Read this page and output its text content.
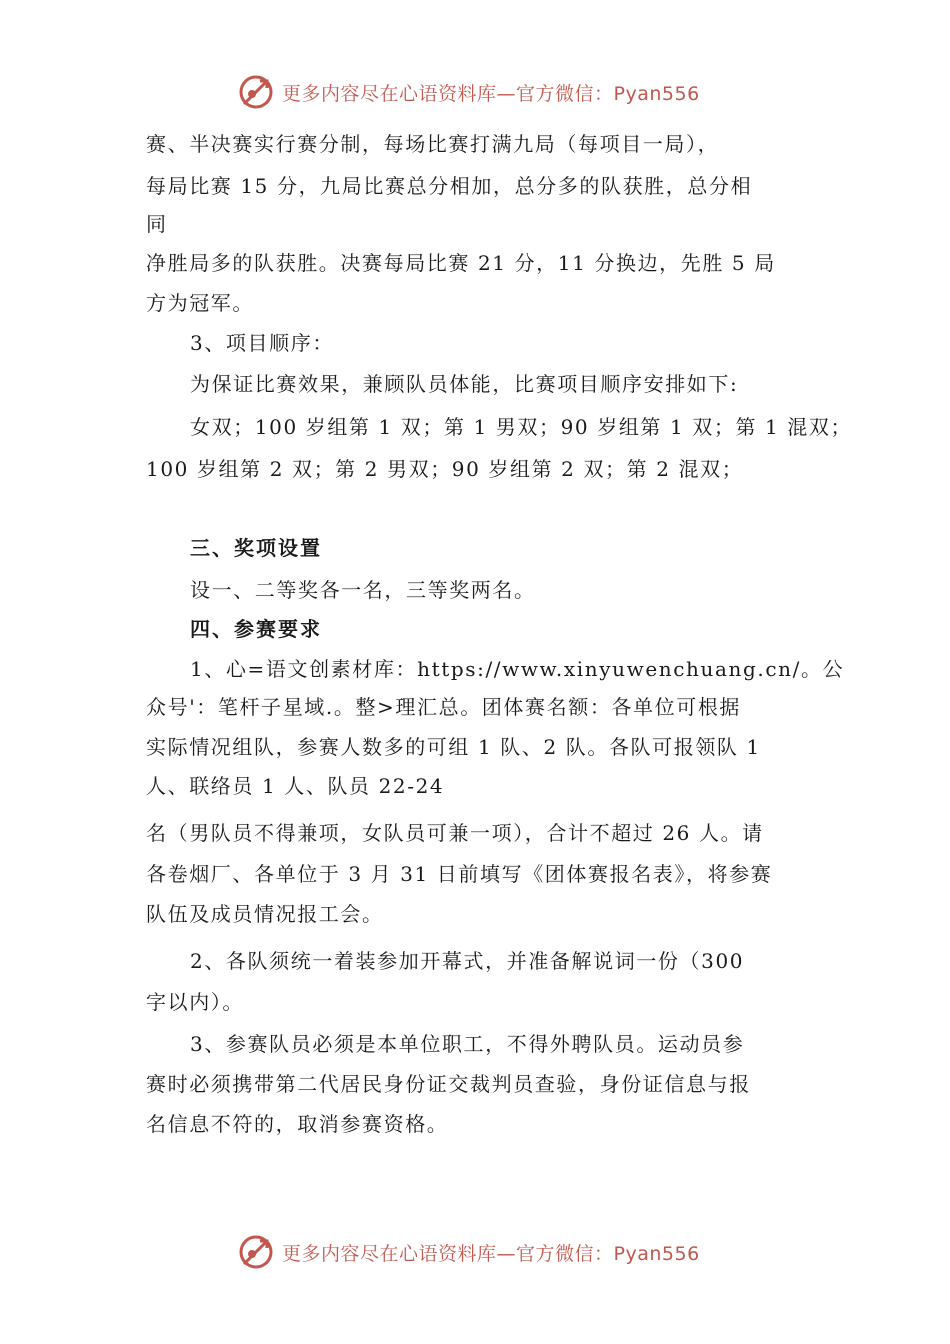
更多内容尽在心语资料库—官方微信：Pyan556
赛、半决赛实行赛分制，每场比赛打满九局（每项目一局），
每局比赛 15 分，九局比赛总分相加，总分多的队获胜，总分相
同
净胜局多的队获胜。决赛每局比赛 21 分，11 分换边，先胜 5 局
方为冠军。
3、项目顺序：
为保证比赛效果，兼顾队员体能，比赛项目顺序安排如下:
女双；100 岁组第 1 双；第 1 男双；90 岁组第 1 双；第 1 混双；
100 岁组第 2 双；第 2 男双；90 岁组第 2 双；第 2 混双；
三、奖项设置
设一、二等奖各一名，三等奖两名。
四、参赛要求
1、心=语文创素材库：https://www.xinyuwenchuang.cn/。公
众号'：笔杆子星域.。整>理汇总。团体赛名额：各单位可根据
实际情况组队，参赛人数多的可组 1 队、2 队。各队可报领队 1
人、联络员 1 人、队员 22-24
名（男队员不得兼项，女队员可兼一项），合计不超过 26 人。请
各卷烟厂、各单位于 3 月 31 日前填写《团体赛报名表》，将参赛
队伍及成员情况报工会。
2、各队须统一着装参加开幕式，并准备解说词一份（300
字以内）。
3、参赛队员必须是本单位职工，不得外聘队员。运动员参
赛时必须携带第二代居民身份证交裁判员查验，身份证信息与报
名信息不符的，取消参赛资格。
更多内容尽在心语资料库—官方微信：Pyan556
